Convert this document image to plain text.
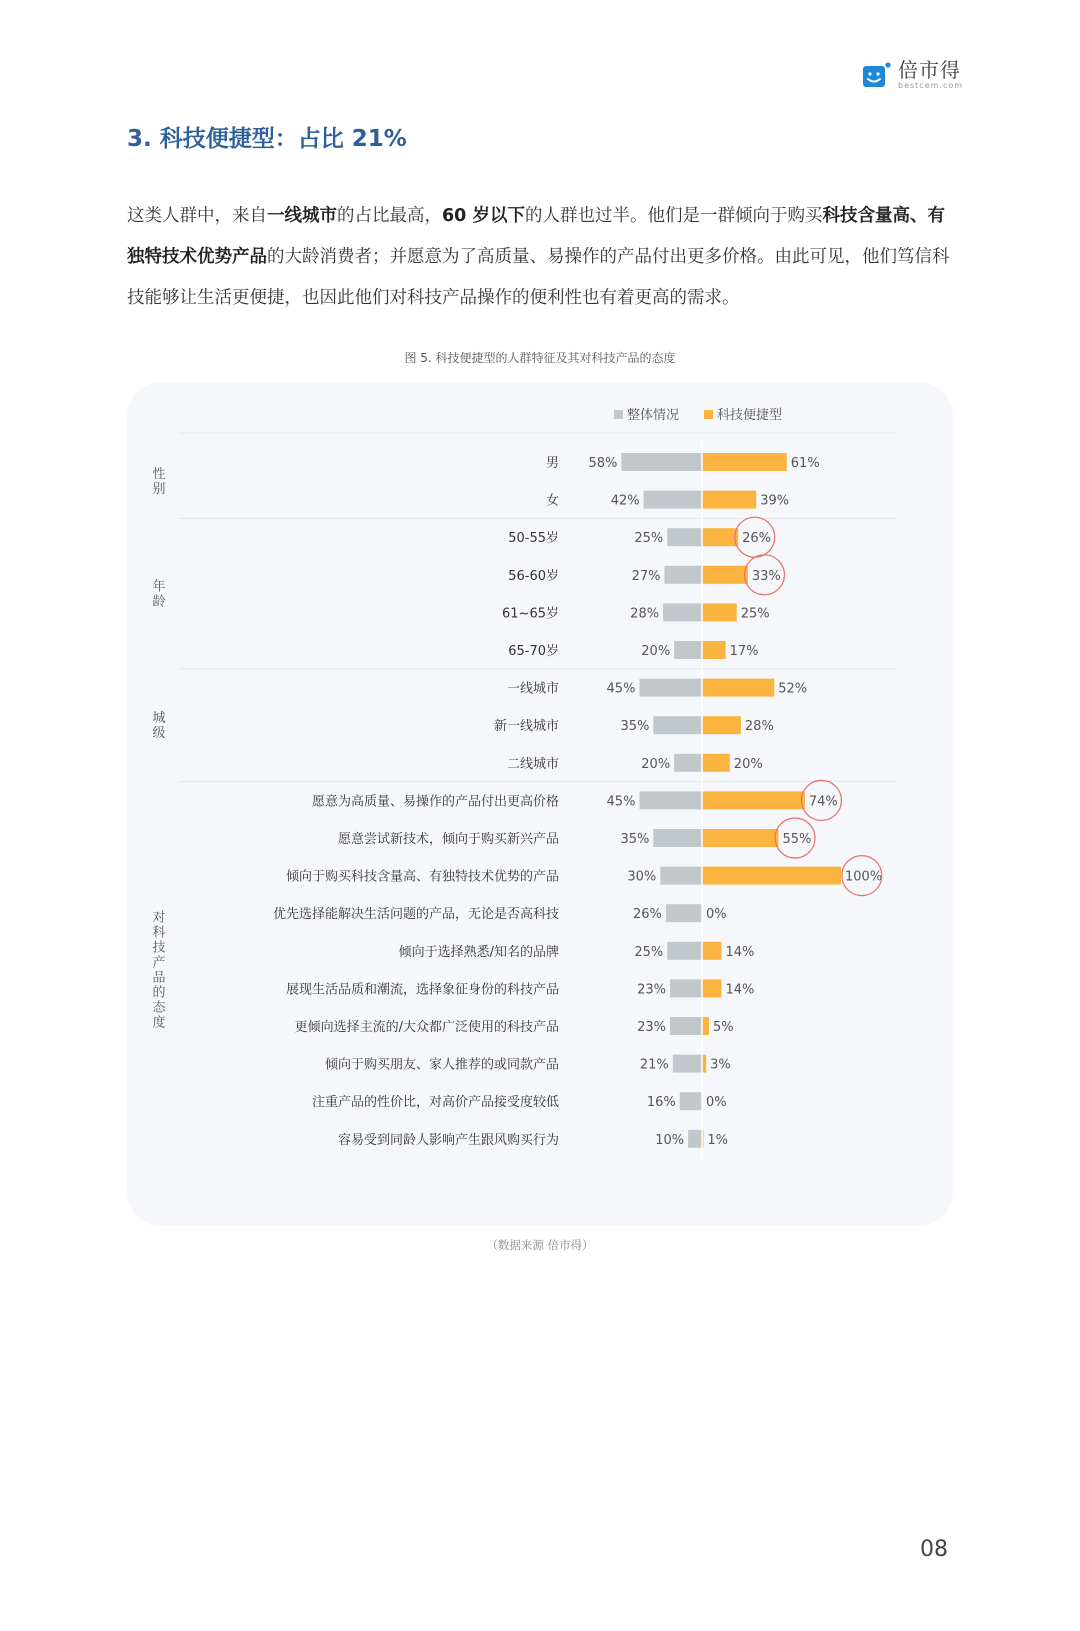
倍市得
bestcem.com
3. 科技便捷型：占比 21%
这类人群中，来自一线城市的占比最高，60 岁以下的人群也过半。他们是一群倾向于购买科技含量高、有独特技术优势产品的大龄消费者；并愿意为了高质量、易操作的产品付出更多价格。由此可见，他们笃信科技能够让生活更便捷，也因此他们对科技产品操作的便利性也有着更高的需求。
图 5. 科技便捷型的人群特征及其对科技产品的态度
整体情况	科技便捷型
男 58%	61%
女	42%	39%
性别
50-55岁	25%	26%
56-60岁	27%	33%
61~65岁	28%	25%
65-70岁	20%	17%
年龄
一线城市	45%	52%
新一线城市	35%	28%
二线城市	20%	20%
城级
愿意为高质量、易操作的产品付出更高价格	45%	74%
愿意尝试新技术，倾向于购买新兴产品	35%	55%
倾向于购买科技含量高、有独特技术优势的产品	30%	100%
优先选择能解决生活问题的产品，无论是否高科技	26%	0%
倾向于选择熟悉/知名的品牌	25%	14%
展现生活品质和潮流，选择象征身份的科技产品	23%	14%
更倾向选择主流的/大众都广泛使用的科技产品	23%	5%
倾向于购买朋友、家人推荐的或同款产品	21%	3%
注重产品的性价比，对高价产品接受度较低	16% 0%
容易受到同龄人影响产生跟风购买行为	10% 1%
对科技产品的态度
（数据来源 倍市得）
08
